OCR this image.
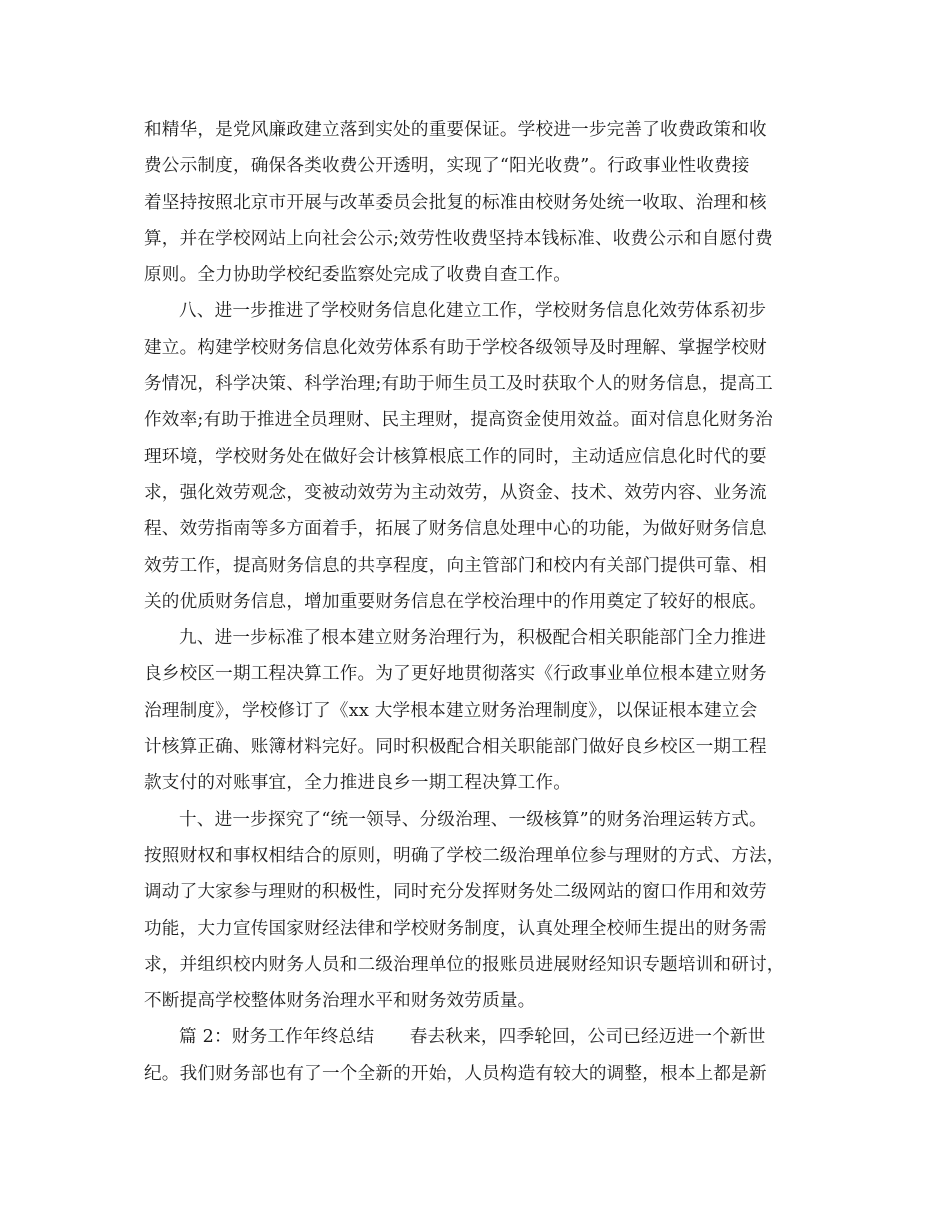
和精华，是党风廉政建立落到实处的重要保证。学校进一步完善了收费政策和收
费公示制度，确保各类收费公开透明，实现了“阳光收费”。行政事业性收费接
着坚持按照北京市开展与改革委员会批复的标准由校财务处统一收取、治理和核
算，并在学校网站上向社会公示;效劳性收费坚持本钱标准、收费公示和自愿付费
原则。全力协助学校纪委监察处完成了收费自查工作。
八、进一步推进了学校财务信息化建立工作，学校财务信息化效劳体系初步
建立。构建学校财务信息化效劳体系有助于学校各级领导及时理解、掌握学校财
务情况，科学决策、科学治理;有助于师生员工及时获取个人的财务信息，提高工
作效率;有助于推进全员理财、民主理财，提高资金使用效益。面对信息化财务治
理环境，学校财务处在做好会计核算根底工作的同时，主动适应信息化时代的要
求，强化效劳观念，变被动效劳为主动效劳，从资金、技术、效劳内容、业务流
程、效劳指南等多方面着手，拓展了财务信息处理中心的功能，为做好财务信息
效劳工作，提高财务信息的共享程度，向主管部门和校内有关部门提供可靠、相
关的优质财务信息，增加重要财务信息在学校治理中的作用奠定了较好的根底。
九、进一步标准了根本建立财务治理行为，积极配合相关职能部门全力推进
良乡校区一期工程决算工作。为了更好地贯彻落实《行政事业单位根本建立财务
治理制度》，学校修订了《xx 大学根本建立财务治理制度》，以保证根本建立会
计核算正确、账簿材料完好。同时积极配合相关职能部门做好良乡校区一期工程
款支付的对账事宜，全力推进良乡一期工程决算工作。
十、进一步探究了“统一领导、分级治理、一级核算”的财务治理运转方式。
按照财权和事权相结合的原则，明确了学校二级治理单位参与理财的方式、方法，
调动了大家参与理财的积极性，同时充分发挥财务处二级网站的窗口作用和效劳
功能，大力宣传国家财经法律和学校财务制度，认真处理全校师生提出的财务需
求，并组织校内财务人员和二级治理单位的报账员进展财经知识专题培训和研讨，
不断提高学校整体财务治理水平和财务效劳质量。
篇 2：财务工作年终总结　　春去秋来，四季轮回，公司已经迈进一个新世
纪。我们财务部也有了一个全新的开始，人员构造有较大的调整，根本上都是新
